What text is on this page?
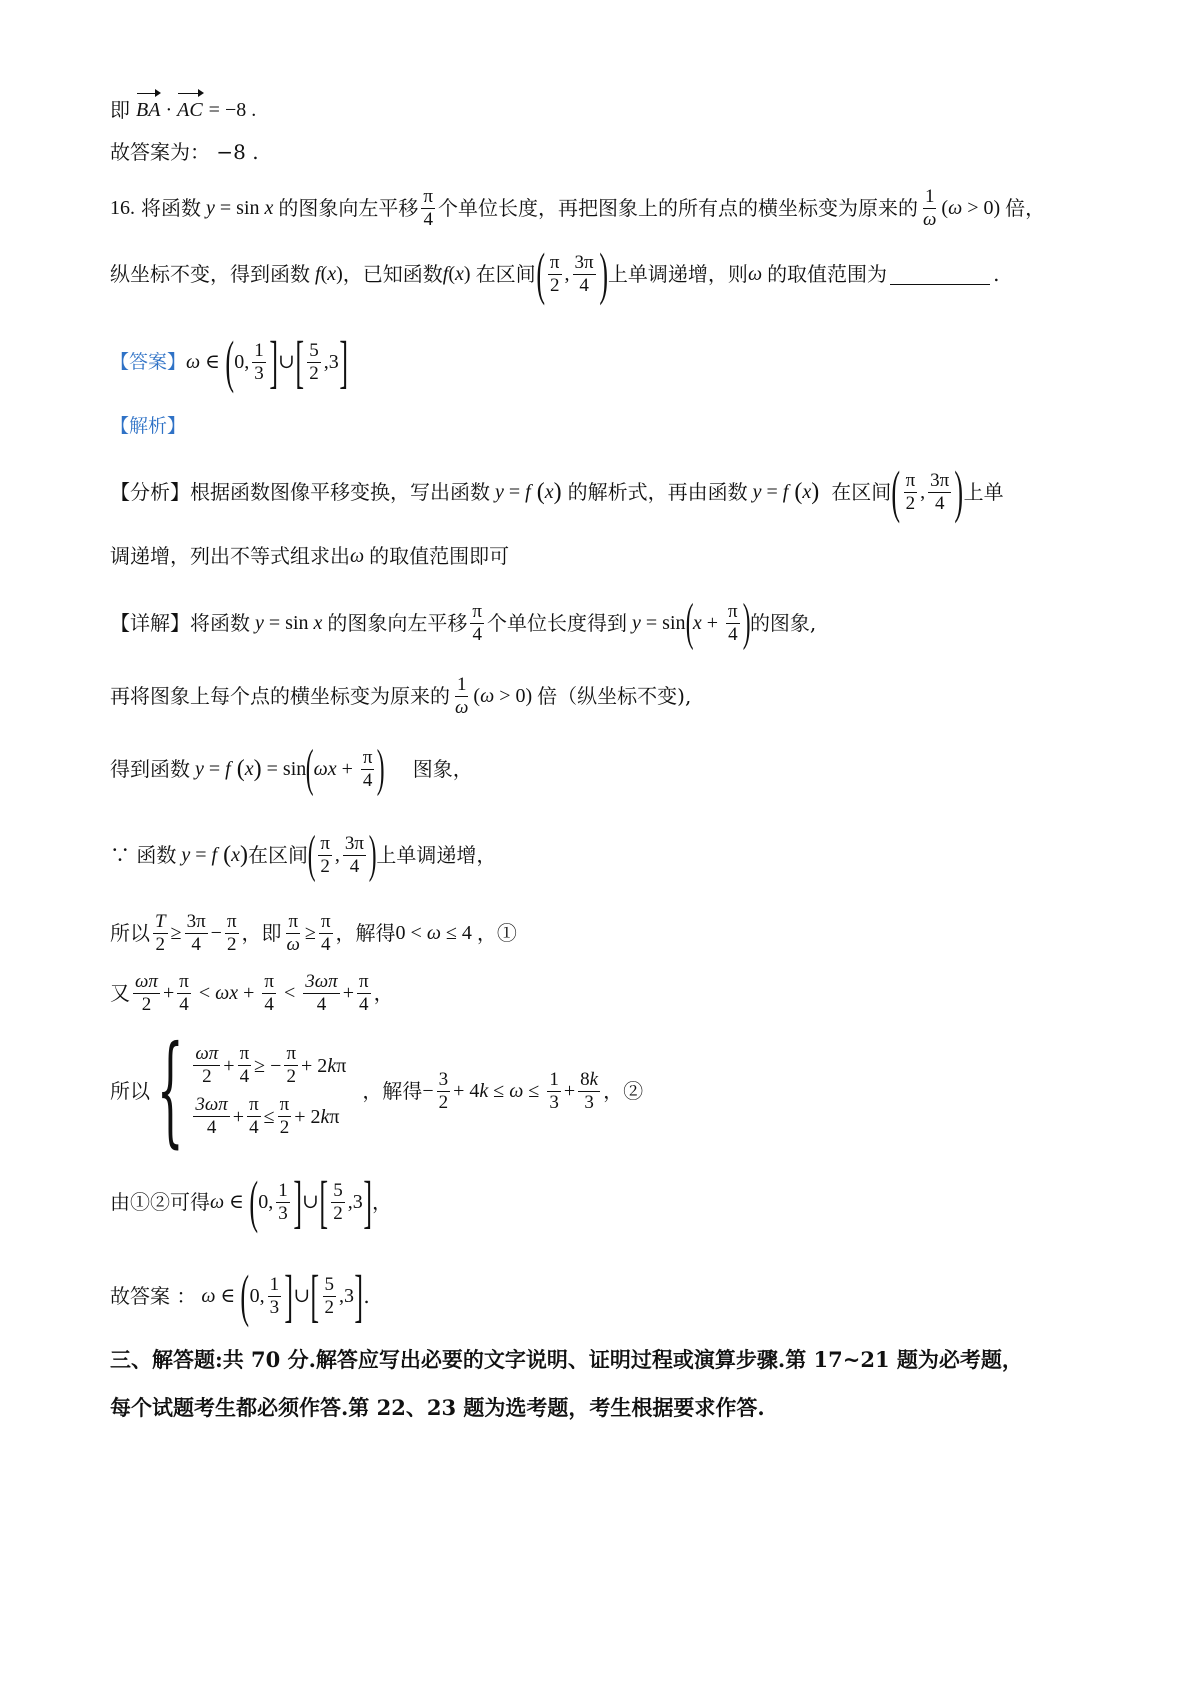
即 BA · AC = −8 .
故答案为： −8 .
16. 将函数 y = sin x 的图象向左平移 $\frac{\pi}{4}$ 个单位长度，再把图象上的所有点的横坐标变为原来的 $\frac{1}{\omega}$ ( ω > 0) 倍，
纵坐标不变，得到函数 f ( x ) ，已知函数 f ( x ) 在区间 ( $\frac{\pi}{2}$ , $\frac{3\pi}{4}$ ) 上单调递增，则 ω 的取值范围为	.
【答案】 ω ∈ ( 0, $\frac{1}{3}$ ] ∪ [ $\frac{5}{2} ,3$ ]
【解析】
【分析】 根据函数图像平移变换，写出函数 y = f ( x ) 的解析式，再由函数 y = f ( x ) 在区间 ( $\frac{\pi}{2}$ , $\frac{3\pi}{4}$ ) 上单
调递增，列出不等式组求出 ω 的取值范围即可
【详解】 将函数 y = sin x 的图象向左平移 $\frac{\pi}{4}$ 个单位长度得到 y = sin ( $x + \frac{\pi}{4}$ ) 的图象,
再将图象上每个点的横坐标变为原来的 $\frac{1}{\omega}$ ( ω > 0) 倍（纵坐标不变),
得到函数 y = f ( x ) = sin ( $\omega x + \frac{\pi}{4}$ ) 图象，
∵ 函数 y = f ( x ) 在区间 ( $\frac{\pi}{2}$ , $\frac{3\pi}{4}$ ) 上单调递增，
所以 $\frac{T}{2} \ge \frac{3\pi}{4} - \frac{\pi}{2}$ ，即 $\frac{\pi}{\omega} \ge \frac{\pi}{4}$ ，解得 0 < ω ≤ 4 ，①
又 $\frac{\omega\pi}{2} + \frac{\pi}{4} < \omega x + \frac{\pi}{4} < \frac{3\omega\pi}{4} + \frac{\pi}{4}$ ，
所以 { $\frac{\omega\pi}{2} + \frac{\pi}{4}$ ≥ − $\frac{\pi}{2} + 2$ k π
$\frac{3\omega\pi}{4} + \frac{\pi}{4} \le \frac{\pi}{2} + 2$ k π
，解得 − $\frac{3}{2} + 4$ $k \le \omega \le \frac{1}{3} + \frac{8k}{3}$ ，②
由①②可得 ω ∈ ( 0, $\frac{1}{3}$ ] ∪ [ $\frac{5}{2} ,3$ ] ，
故答案 ： ω ∈ ( 0, $\frac{1}{3}$ ] ∪ [ $\frac{5}{2} ,3$ ] .
三、解答题:共 70 分.解答应写出必要的文字说明、证明过程或演算步骤.第 17~21 题为必考题，
每个试题考生都必须作答.第 22、23 题为选考题，考生根据要求作答.
